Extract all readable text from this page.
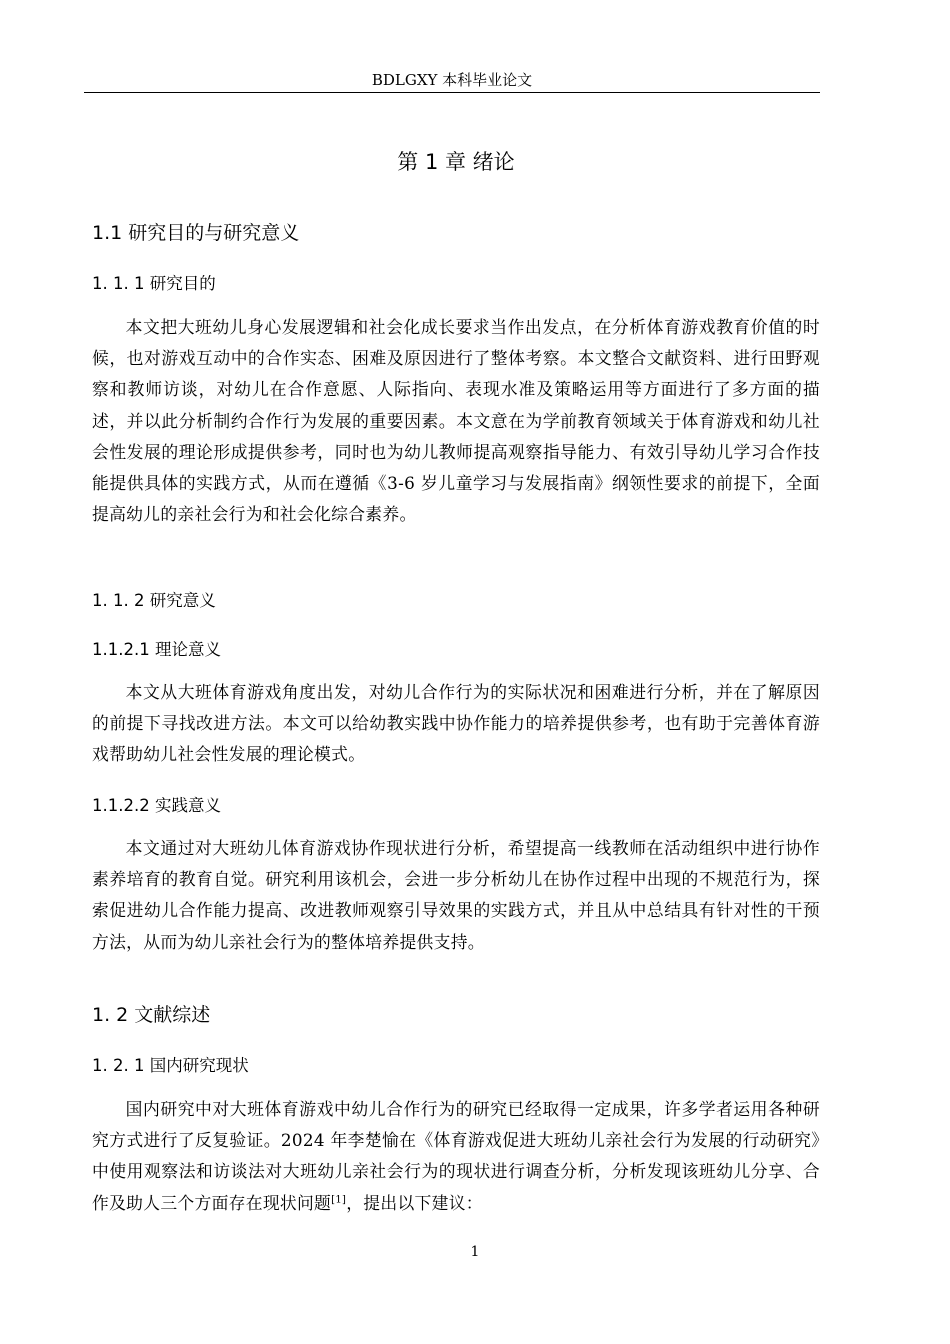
BDLGXY 本科毕业论文
第 1 章 绪论
1.1 研究目的与研究意义
1. 1. 1 研究目的
本文把大班幼儿身心发展逻辑和社会化成长要求当作出发点，在分析体育游戏教育价值的时候，也对游戏互动中的合作实态、困难及原因进行了整体考察。本文整合文献资料、进行田野观察和教师访谈，对幼儿在合作意愿、人际指向、表现水准及策略运用等方面进行了多方面的描述，并以此分析制约合作行为发展的重要因素。本文意在为学前教育领域关于体育游戏和幼儿社会性发展的理论形成提供参考，同时也为幼儿教师提高观察指导能力、有效引导幼儿学习合作技能提供具体的实践方式，从而在遵循《3-6 岁儿童学习与发展指南》纲领性要求的前提下，全面提高幼儿的亲社会行为和社会化综合素养。
1. 1. 2 研究意义
1.1.2.1 理论意义
本文从大班体育游戏角度出发，对幼儿合作行为的实际状况和困难进行分析，并在了解原因的前提下寻找改进方法。本文可以给幼教实践中协作能力的培养提供参考，也有助于完善体育游戏帮助幼儿社会性发展的理论模式。
1.1.2.2 实践意义
本文通过对大班幼儿体育游戏协作现状进行分析，希望提高一线教师在活动组织中进行协作素养培育的教育自觉。研究利用该机会，会进一步分析幼儿在协作过程中出现的不规范行为，探索促进幼儿合作能力提高、改进教师观察引导效果的实践方式，并且从中总结具有针对性的干预方法，从而为幼儿亲社会行为的整体培养提供支持。
1. 2 文献综述
1. 2. 1 国内研究现状
国内研究中对大班体育游戏中幼儿合作行为的研究已经取得一定成果，许多学者运用各种研究方式进行了反复验证。2024 年李楚愉在《体育游戏促进大班幼儿亲社会行为发展的行动研究》中使用观察法和访谈法对大班幼儿亲社会行为的现状进行调查分析，分析发现该班幼儿分享、合作及助人三个方面存在现状问题[1]，提出以下建议：
1
